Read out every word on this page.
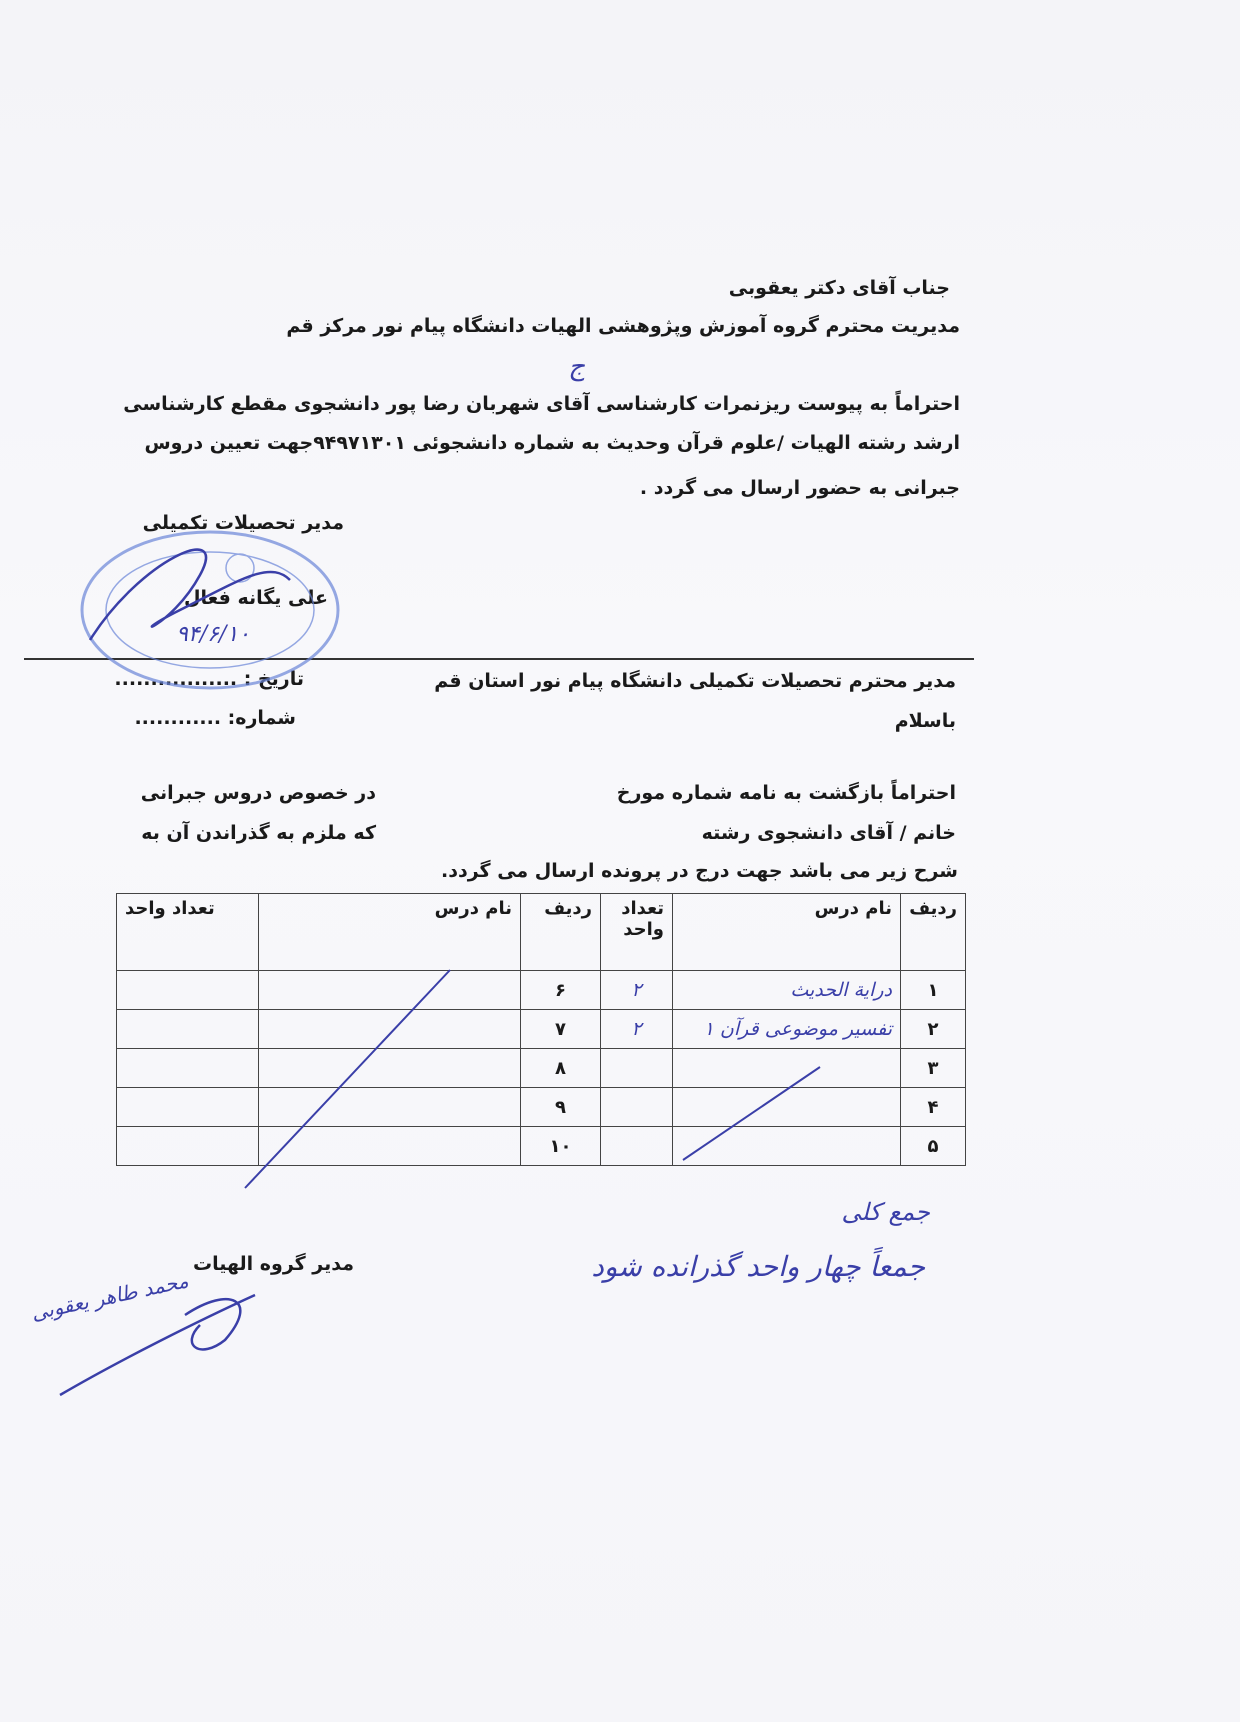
جناب آقای دکتر یعقوبی
مدیریت محترم گروه آموزش وپژوهشی الهیات دانشگاه پیام نور مرکز قم
ج
احتراماً به پیوست ریزنمرات کارشناسی آقای شهربان رضا پور دانشجوی مقطع کارشناسی
ارشد رشته الهیات /علوم قرآن وحدیث به شماره دانشجوئی ۹۴۹۷۱۳۰۱جهت تعیین دروس
جبرانی به حضور ارسال می گردد .
مدیر تحصیلات تکمیلی
علی یگانه فعال
۹۴/۶/۱۰
تاریخ : .................
شماره: ............
مدیر محترم تحصیلات تکمیلی دانشگاه پیام نور استان قم
باسلام
احتراماً بازگشت به نامه شماره مورخ
در خصوص دروس جبرانی
خانم / آقای دانشجوی رشته
که ملزم به گذراندن آن به
شرح زیر می باشد جهت درج در پرونده ارسال می گردد.
ردیف	نام درس	تعداد واحد	ردیف	نام درس	تعداد واحد
۱	درایة الحدیث	۲	۶		
۲	تفسیر موضوعی قرآن ۱	۲	۷		
۳			۸		
۴			۹		
۵			۱۰		
جمع کلی
جمعاً چهار واحد گذرانده شود
مدیر گروه الهیات
محمد طاهر یعقوبی
